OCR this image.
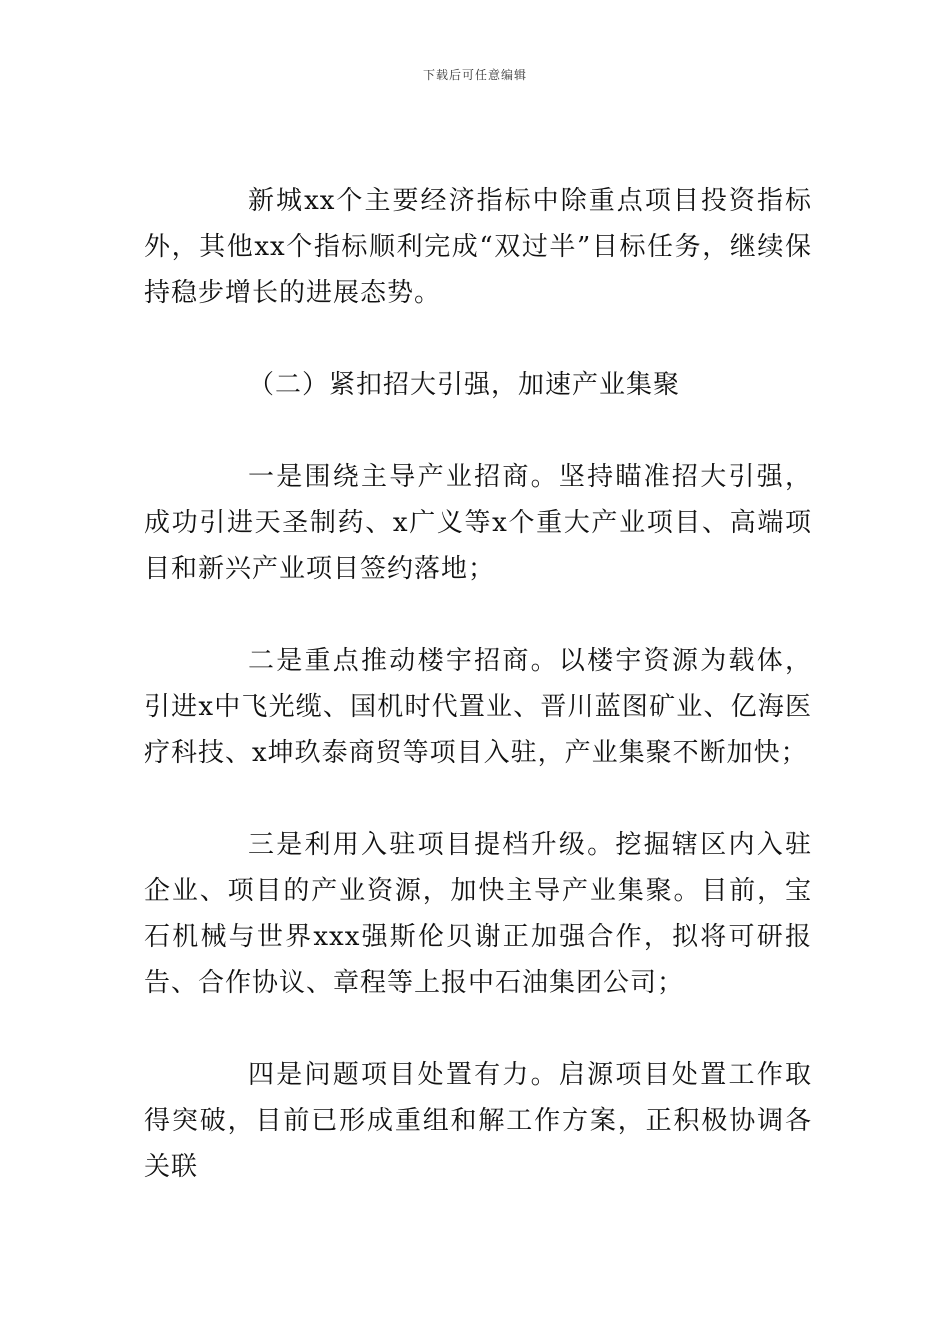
下载后可任意编辑

新城xx个主要经济指标中除重点项目投资指标外，其他xx个指标顺利完成“双过半”目标任务，继续保持稳步增长的进展态势。

（二）紧扣招大引强，加速产业集聚

一是围绕主导产业招商。坚持瞄准招大引强，成功引进天圣制药、x广义等x个重大产业项目、高端项目和新兴产业项目签约落地；

二是重点推动楼宇招商。以楼宇资源为载体，引进x中飞光缆、国机时代置业、晋川蓝图矿业、亿海医疗科技、x坤玖泰商贸等项目入驻，产业集聚不断加快；

三是利用入驻项目提档升级。挖掘辖区内入驻企业、项目的产业资源，加快主导产业集聚。目前，宝石机械与世界xxx强斯伦贝谢正加强合作，拟将可研报告、合作协议、章程等上报中石油集团公司；

四是问题项目处置有力。启源项目处置工作取得突破，目前已形成重组和解工作方案，正积极协调各关联
